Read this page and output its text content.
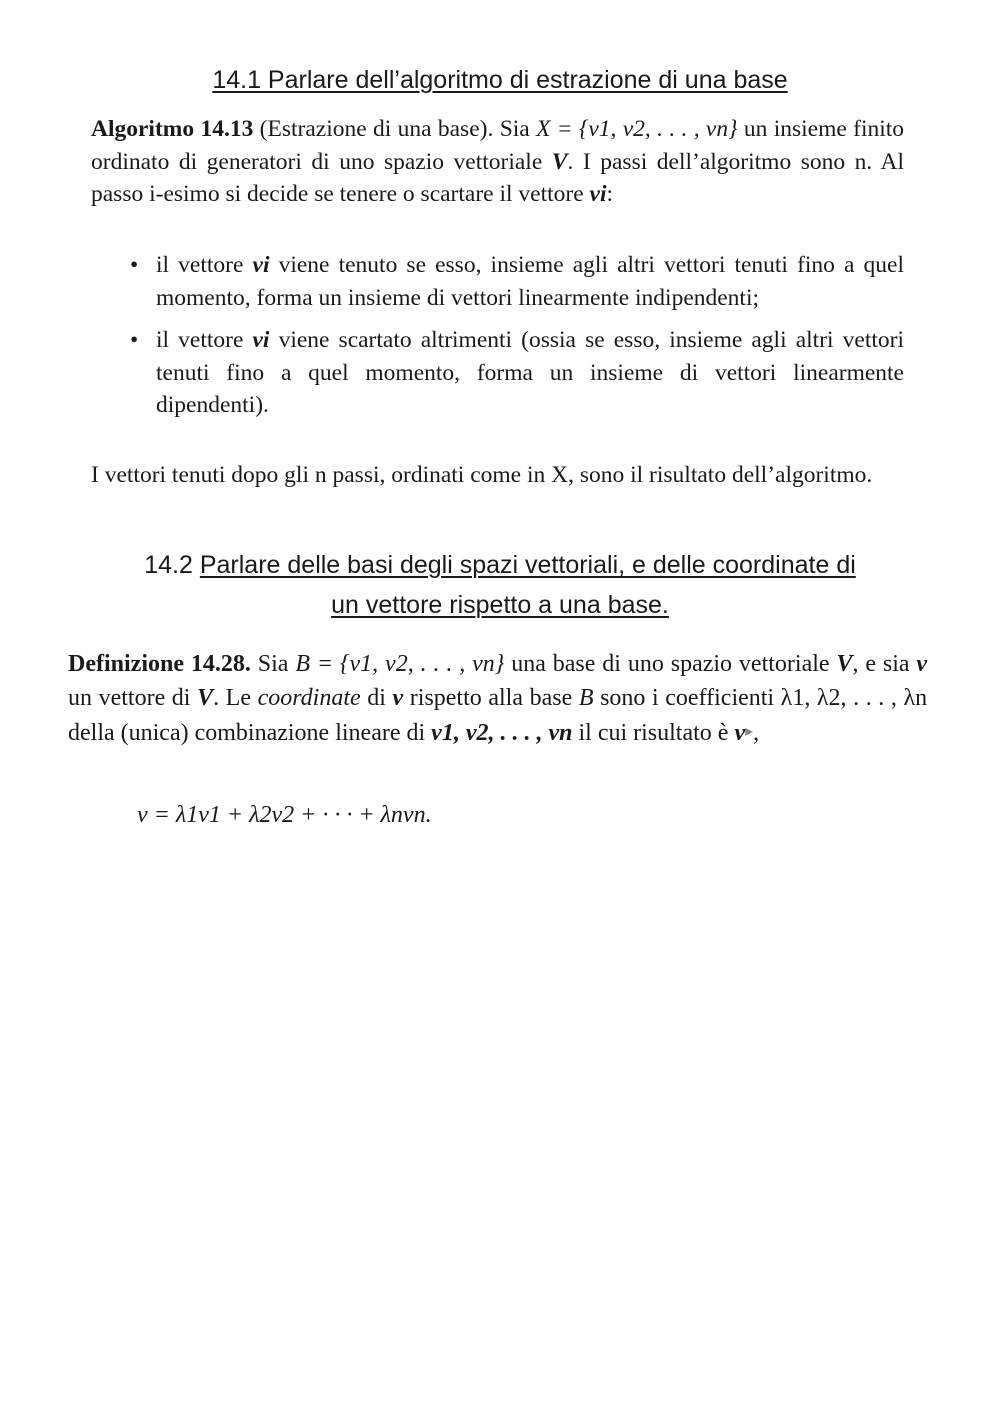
14.1 Parlare dell’algoritmo di estrazione di una base

Algoritmo 14.13 (Estrazione di una base). Sia X = {v1, v2, . . . , vn} un insieme finito ordinato di generatori di uno spazio vettoriale V. I passi dell’algoritmo sono n. Al passo i-esimo si decide se tenere o scartare il vettore vi:

• il vettore vi viene tenuto se esso, insieme agli altri vettori tenuti fino a quel momento, forma un insieme di vettori linearmente indipendenti;
• il vettore vi viene scartato altrimenti (ossia se esso, insieme agli altri vettori tenuti fino a quel momento, forma un insieme di vettori linearmente dipendenti).

I vettori tenuti dopo gli n passi, ordinati come in X, sono il risultato dell’algoritmo.

14.2 Parlare delle basi degli spazi vettoriali, e delle coordinate di
un vettore rispetto a una base.

Definizione 14.28. Sia B = {v1, v2, . . . , vn} una base di uno spazio vettoriale V, e sia v un vettore di V. Le coordinate di v rispetto alla base B sono i coefficienti λ1, λ2, . . . , λn della (unica) combinazione lineare di v1, v2, . . . , vn il cui risultato è v▸,

v = λ1v1 + λ2v2 + · · · + λnvn.
